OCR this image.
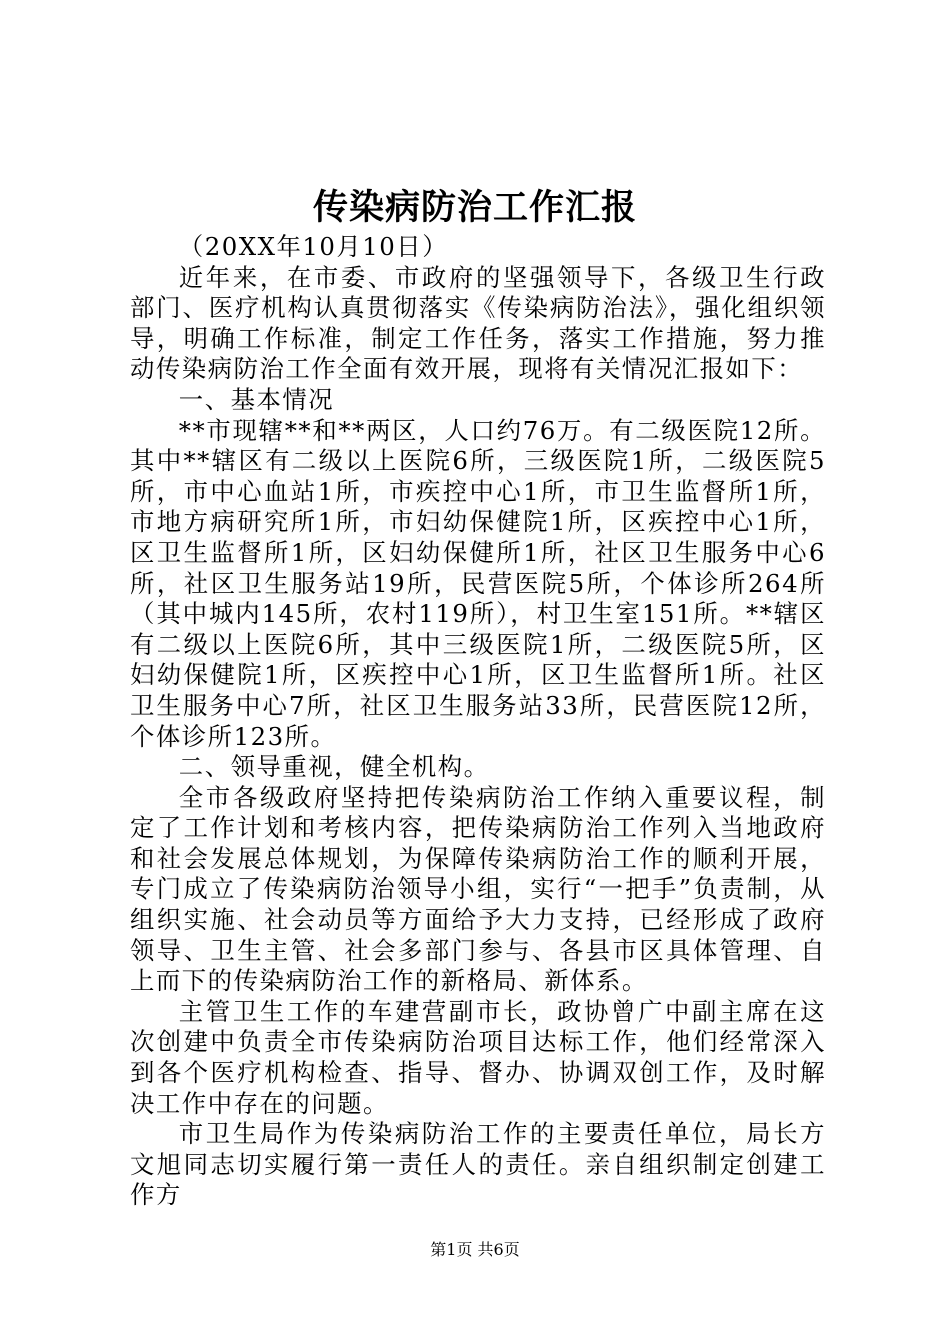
传染病防治工作汇报

（20XX年10月10日）

近年来，在市委、市政府的坚强领导下，各级卫生行政部门、医疗机构认真贯彻落实《传染病防治法》，强化组织领导，明确工作标准，制定工作任务，落实工作措施，努力推动传染病防治工作全面有效开展，现将有关情况汇报如下：

一、基本情况

**市现辖**和**两区，人口约76万。有二级医院12所。其中**辖区有二级以上医院6所，三级医院1所，二级医院5所，市中心血站1所，市疾控中心1所，市卫生监督所1所，市地方病研究所1所，市妇幼保健院1所，区疾控中心1所，区卫生监督所1所，区妇幼保健所1所，社区卫生服务中心6所，社区卫生服务站19所，民营医院5所，个体诊所264所（其中城内145所，农村119所），村卫生室151所。**辖区有二级以上医院6所，其中三级医院1所，二级医院5所，区妇幼保健院1所，区疾控中心1所，区卫生监督所1所。社区卫生服务中心7所，社区卫生服务站33所，民营医院12所，个体诊所123所。

二、领导重视，健全机构。

全市各级政府坚持把传染病防治工作纳入重要议程，制定了工作计划和考核内容，把传染病防治工作列入当地政府和社会发展总体规划，为保障传染病防治工作的顺利开展，专门成立了传染病防治领导小组，实行“一把手”负责制，从组织实施、社会动员等方面给予大力支持，已经形成了政府领导、卫生主管、社会多部门参与、各县市区具体管理、自上而下的传染病防治工作的新格局、新体系。

主管卫生工作的车建营副市长，政协曾广中副主席在这次创建中负责全市传染病防治项目达标工作，他们经常深入到各个医疗机构检查、指导、督办、协调双创工作，及时解决工作中存在的问题。

市卫生局作为传染病防治工作的主要责任单位，局长方文旭同志切实履行第一责任人的责任。亲自组织制定创建工作方

第1页 共6页
